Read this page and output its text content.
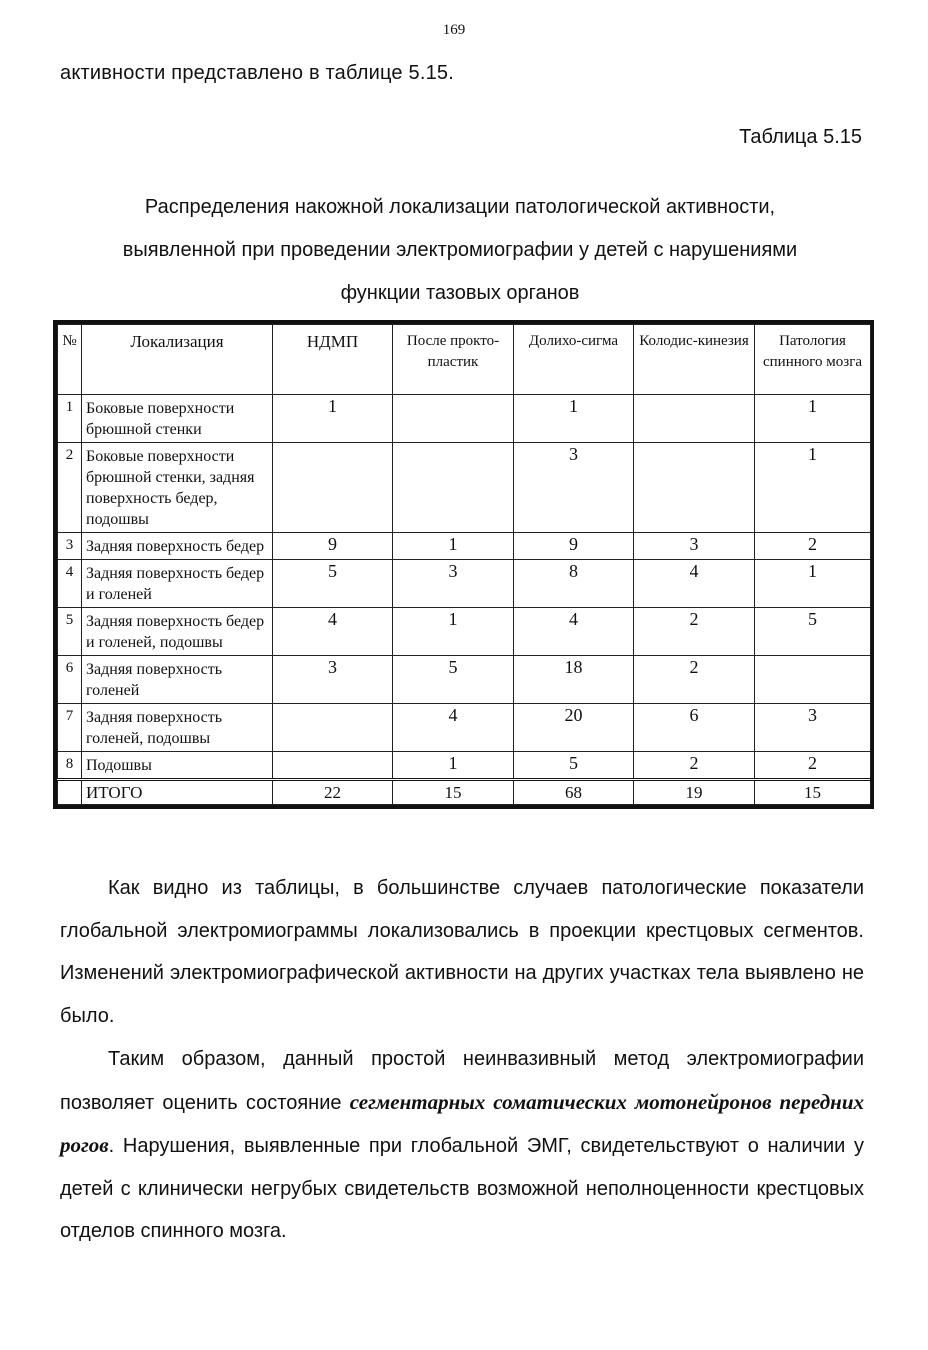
169
активности представлено в таблице 5.15.
Таблица 5.15
Распределения накожной локализации патологической активности,
выявленной при проведении электромиографии у детей с нарушениями
функции тазовых органов
№	Локализация	НДМП	После прокто-пластик	Долихо-сигма	Колодис-кинезия	Патология спинного мозга
1	Боковые поверхности брюшной стенки	1		1		1
2	Боковые поверхности брюшной стенки, задняя поверхность бедер, подошвы			3		1
3	Задняя поверхность бедер	9	1	9	3	2
4	Задняя поверхность бедер и голеней	5	3	8	4	1
5	Задняя поверхность бедер и голеней, подошвы	4	1	4	2	5
6	Задняя поверхность голеней	3	5	18	2	
7	Задняя поверхность голеней, подошвы		4	20	6	3
8	Подошвы		1	5	2	2
	ИТОГО	22	15	68	19	15

Как видно из таблицы, в большинстве случаев патологические показатели глобальной электромиограммы локализовались в проекции крестцовых сегментов. Изменений электромиографической активности на других участках тела выявлено не было.

Таким образом, данный простой неинвазивный метод электромиографии позволяет оценить состояние сегментарных соматических мотонейронов передних рогов. Нарушения, выявленные при глобальной ЭМГ, свидетельствуют о наличии у детей с клинически негрубых свидетельств возможной неполноценности крестцовых отделов спинного мозга.
